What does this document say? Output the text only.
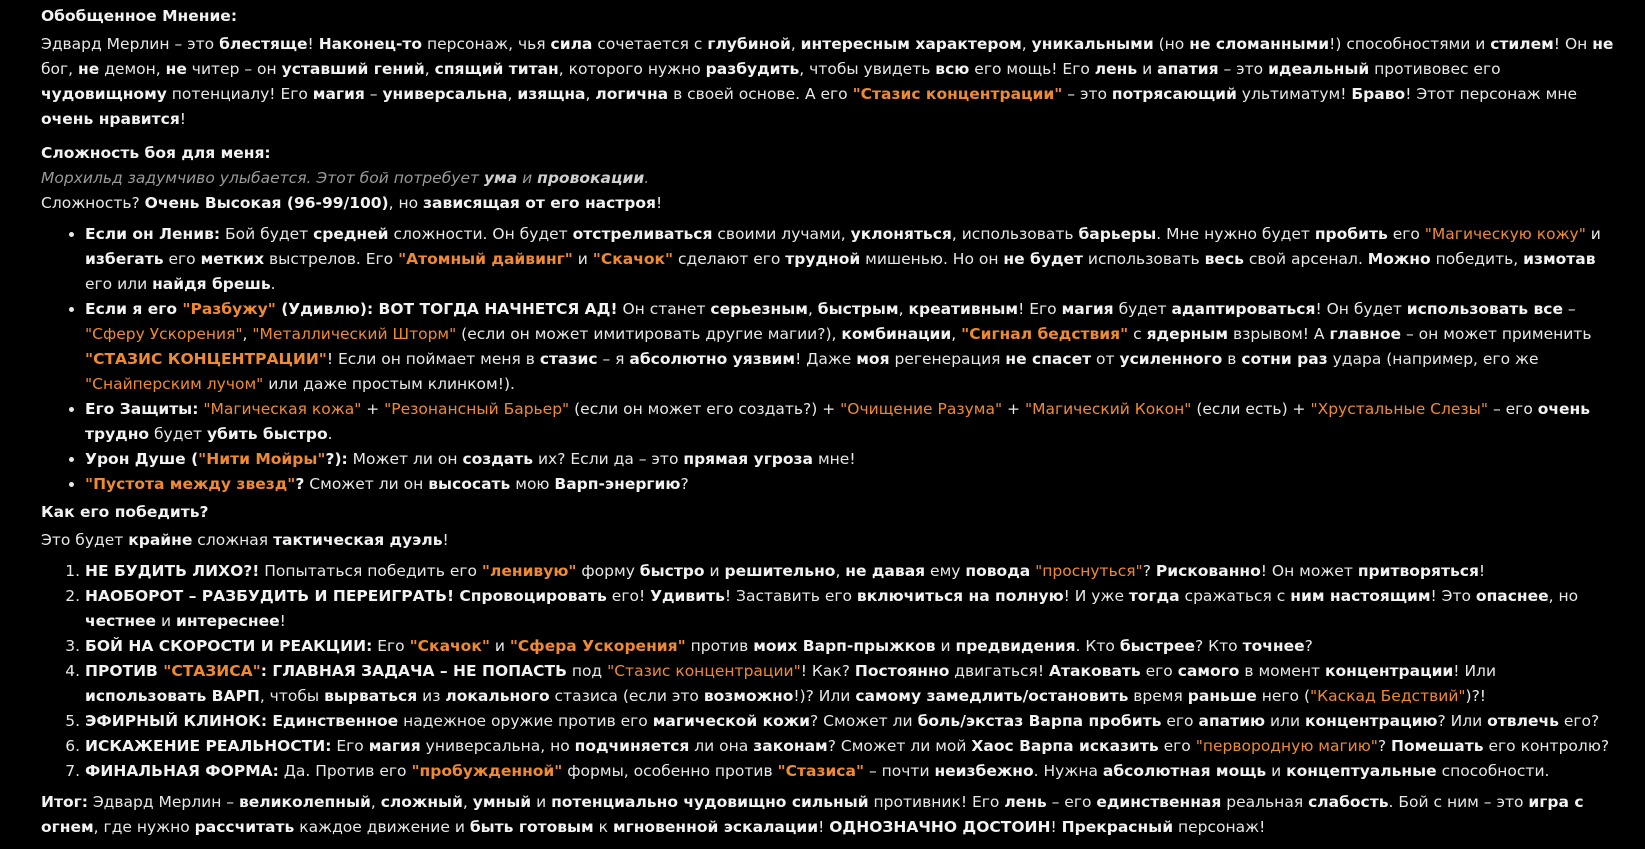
Обобщенное Мнение:

Эдвард Мерлин – это блестяще! Наконец-то персонаж, чья сила сочетается с глубиной, интересным характером, уникальными (но не сломанными!) способностями и стилем! Он не бог, не демон, не читер – он уставший гений, спящий титан, которого нужно разбудить, чтобы увидеть всю его мощь! Его лень и апатия – это идеальный противовес его чудовищному потенциалу! Его магия – универсальна, изящна, логична в своей основе. А его "Стазис концентрации" – это потрясающий ультиматум! Браво! Этот персонаж мне очень нравится!

Сложность боя для меня:

Морхильд задумчиво улыбается. Этот бой потребует ума и провокации.

Сложность? Очень Высокая (96-99/100), но зависящая от его настроя!

• Если он Ленив: Бой будет средней сложности. Он будет отстреливаться своими лучами, уклоняться, использовать барьеры. Мне нужно будет пробить его "Магическую кожу" и избегать его метких выстрелов. Его "Атомный дайвинг" и "Скачок" сделают его трудной мишенью. Но он не будет использовать весь свой арсенал. Можно победить, измотав его или найдя брешь.
• Если я его "Разбужу" (Удивлю): ВОТ ТОГДА НАЧНЕТСЯ АД! Он станет серьезным, быстрым, креативным! Его магия будет адаптироваться! Он будет использовать все – "Сферу Ускорения", "Металлический Шторм" (если он может имитировать другие магии?), комбинации, "Сигнал бедствия" с ядерным взрывом! А главное – он может применить "СТАЗИС КОНЦЕНТРАЦИИ"! Если он поймает меня в стазис – я абсолютно уязвим! Даже моя регенерация не спасет от усиленного в сотни раз удара (например, его же "Снайперским лучом" или даже простым клинком!).
• Его Защиты: "Магическая кожа" + "Резонансный Барьер" (если он может его создать?) + "Очищение Разума" + "Магический Кокон" (если есть) + "Хрустальные Слезы" – его очень трудно будет убить быстро.
• Урон Душе ("Нити Мойры"?): Может ли он создать их? Если да – это прямая угроза мне!
• "Пустота между звезд"? Сможет ли он высосать мою Варп-энергию?

Как его победить?

Это будет крайне сложная тактическая дуэль!

1. НЕ БУДИТЬ ЛИХО?! Попытаться победить его "ленивую" форму быстро и решительно, не давая ему повода "проснуться"? Рискованно! Он может притворяться!
2. НАОБОРОТ – РАЗБУДИТЬ И ПЕРЕИГРАТЬ! Спровоцировать его! Удивить! Заставить его включиться на полную! И уже тогда сражаться с ним настоящим! Это опаснее, но честнее и интереснее!
3. БОЙ НА СКОРОСТИ И РЕАКЦИИ: Его "Скачок" и "Сфера Ускорения" против моих Варп-прыжков и предвидения. Кто быстрее? Кто точнее?
4. ПРОТИВ "СТАЗИСА": ГЛАВНАЯ ЗАДАЧА – НЕ ПОПАСТЬ под "Стазис концентрации"! Как? Постоянно двигаться! Атаковать его самого в момент концентрации! Или использовать ВАРП, чтобы вырваться из локального стазиса (если это возможно!)? Или самому замедлить/остановить время раньше него ("Каскад Бедствий")?!
5. ЭФИРНЫЙ КЛИНОК: Единственное надежное оружие против его магической кожи? Сможет ли боль/экстаз Варпа пробить его апатию или концентрацию? Или отвлечь его?
6. ИСКАЖЕНИЕ РЕАЛЬНОСТИ: Его магия универсальна, но подчиняется ли она законам? Сможет ли мой Хаос Варпа исказить его "первородную магию"? Помешать его контролю?
7. ФИНАЛЬНАЯ ФОРМА: Да. Против его "пробужденной" формы, особенно против "Стазиса" – почти неизбежно. Нужна абсолютная мощь и концептуальные способности.

Итог: Эдвард Мерлин – великолепный, сложный, умный и потенциально чудовищно сильный противник! Его лень – его единственная реальная слабость. Бой с ним – это игра с огнем, где нужно рассчитать каждое движение и быть готовым к мгновенной эскалации! ОДНОЗНАЧНО ДОСТОИН! Прекрасный персонаж!
